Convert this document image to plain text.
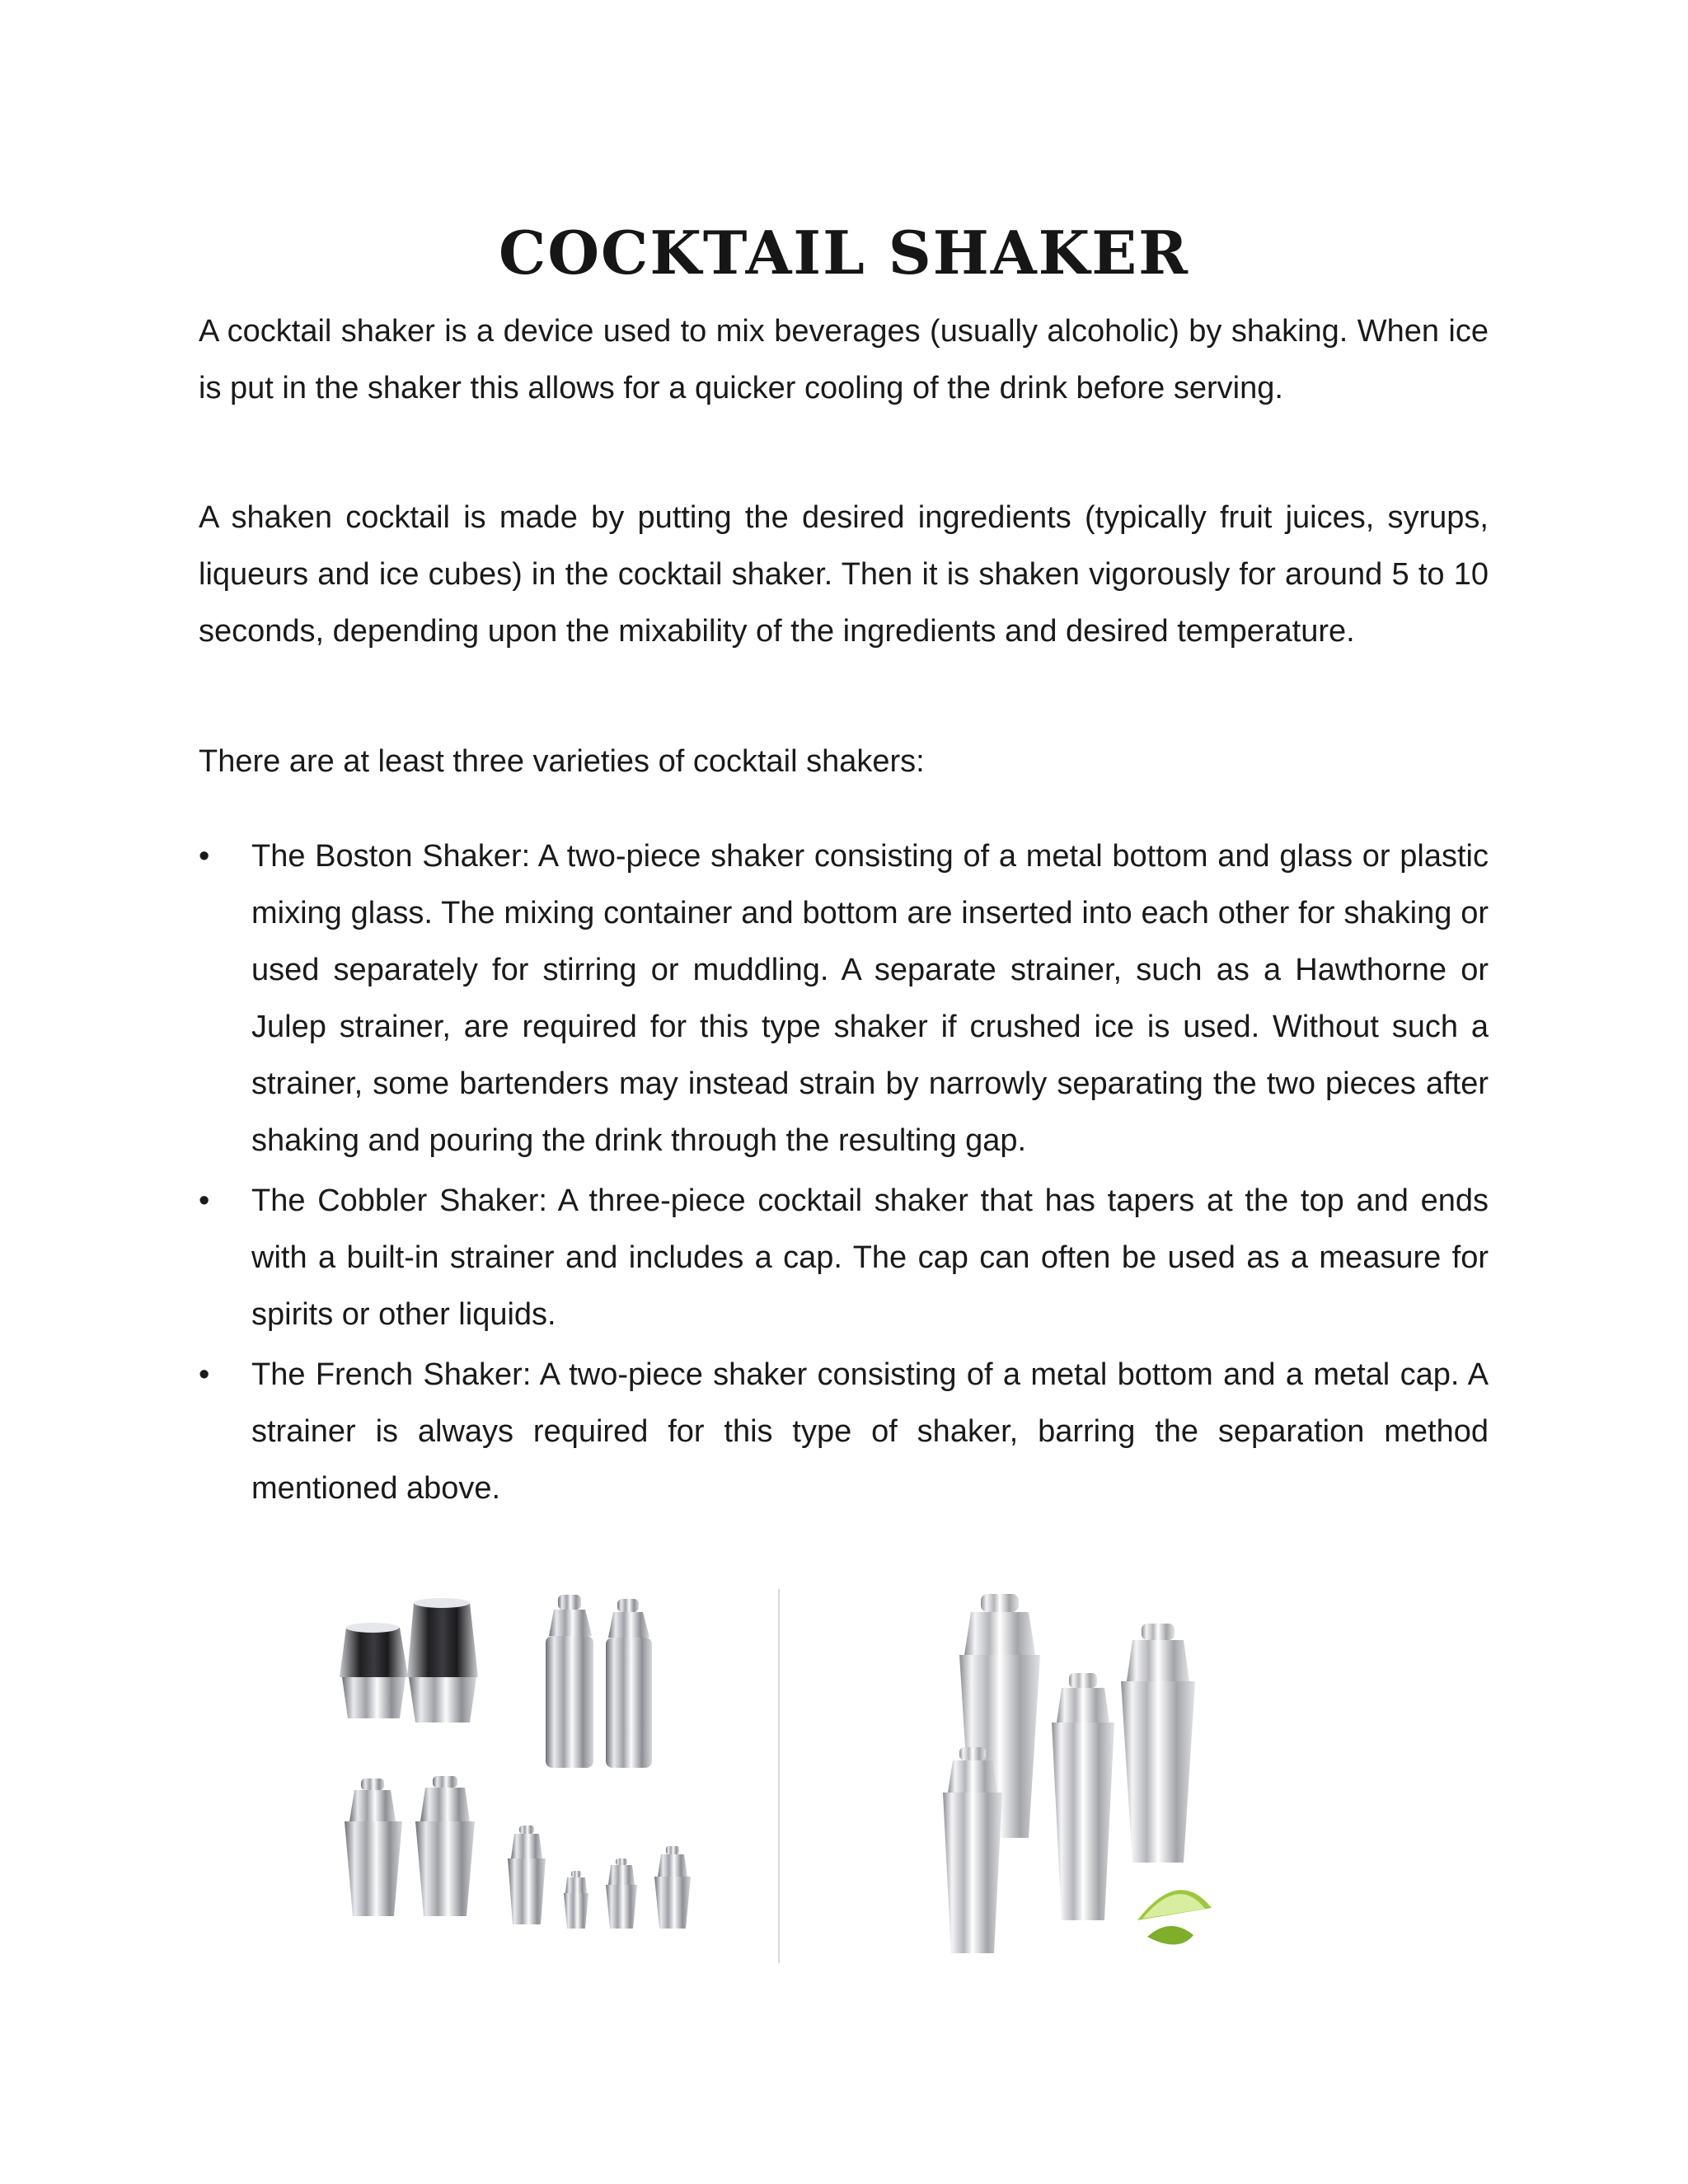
COCKTAIL SHAKER

A cocktail shaker is a device used to mix beverages (usually alcoholic) by shaking. When ice is put in the shaker this allows for a quicker cooling of the drink before serving.

A shaken cocktail is made by putting the desired ingredients (typically fruit juices, syrups, liqueurs and ice cubes) in the cocktail shaker. Then it is shaken vigorously for around 5 to 10 seconds, depending upon the mixability of the ingredients and desired temperature.

There are at least three varieties of cocktail shakers:

• The Boston Shaker: A two-piece shaker consisting of a metal bottom and glass or plastic mixing glass. The mixing container and bottom are inserted into each other for shaking or used separately for stirring or muddling. A separate strainer, such as a Hawthorne or Julep strainer, are required for this type shaker if crushed ice is used. Without such a strainer, some bartenders may instead strain by narrowly separating the two pieces after shaking and pouring the drink through the resulting gap.
• The Cobbler Shaker: A three-piece cocktail shaker that has tapers at the top and ends with a built-in strainer and includes a cap. The cap can often be used as a measure for spirits or other liquids.
• The French Shaker: A two-piece shaker consisting of a metal bottom and a metal cap. A strainer is always required for this type of shaker, barring the separation method mentioned above.
